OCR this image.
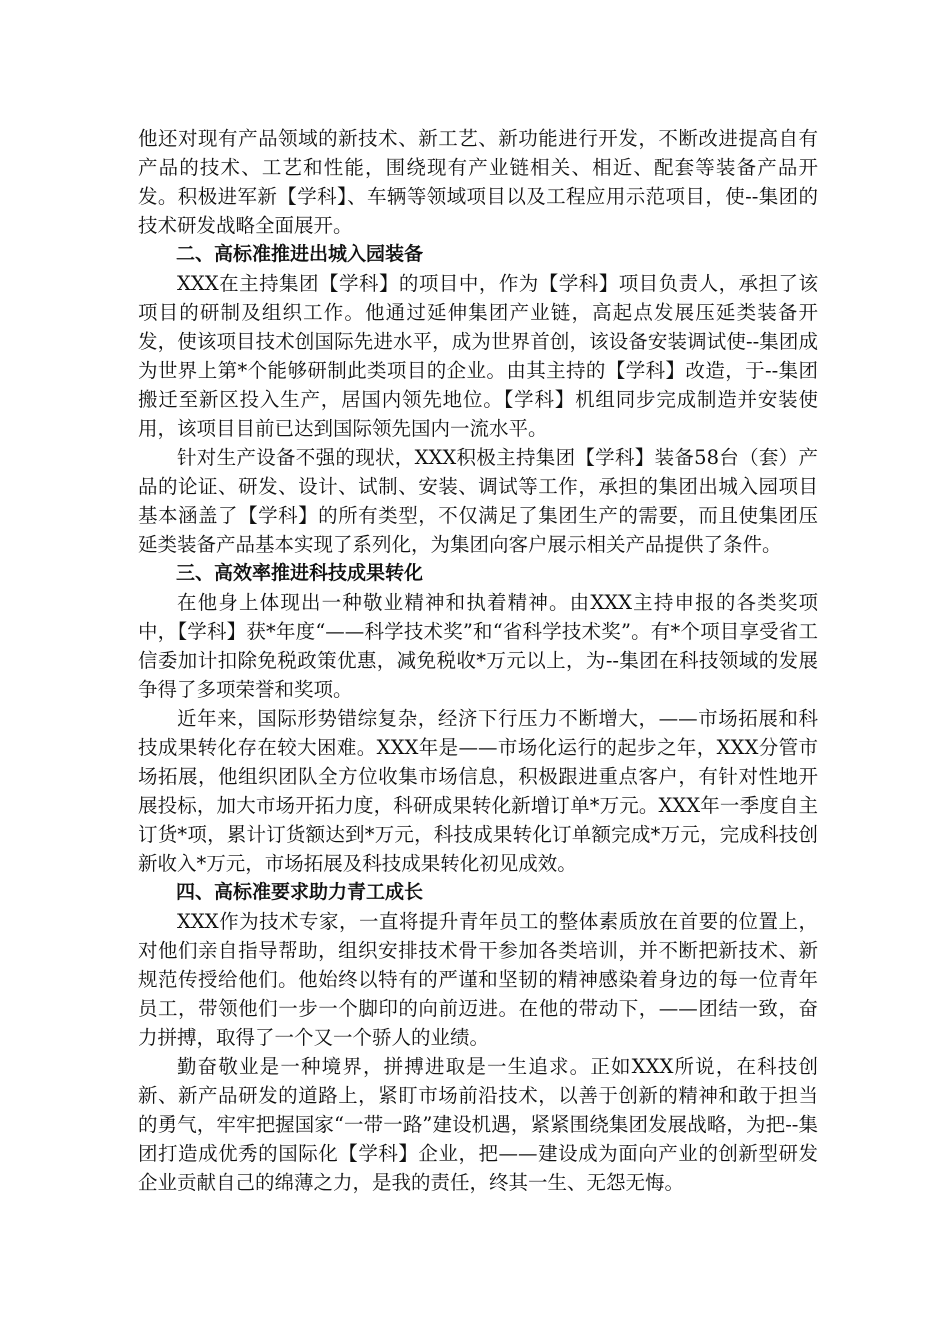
他还对现有产品领域的新技术、新工艺、新功能进行开发，不断改进提高自有产品的技术、工艺和性能，围绕现有产业链相关、相近、配套等装备产品开发。积极进军新【学科】、车辆等领域项目以及工程应用示范项目，使--集团的技术研发战略全面展开。

二、高标准推进出城入园装备

XXX在主持集团【学科】的项目中，作为【学科】项目负责人，承担了该项目的研制及组织工作。他通过延伸集团产业链，高起点发展压延类装备开发，使该项目技术创国际先进水平，成为世界首创，该设备安装调试使--集团成为世界上第*个能够研制此类项目的企业。由其主持的【学科】改造，于--集团搬迁至新区投入生产，居国内领先地位。【学科】机组同步完成制造并安装使用，该项目目前已达到国际领先国内一流水平。

针对生产设备不强的现状，XXX积极主持集团【学科】装备58台（套）产品的论证、研发、设计、试制、安装、调试等工作，承担的集团出城入园项目基本涵盖了【学科】的所有类型，不仅满足了集团生产的需要，而且使集团压延类装备产品基本实现了系列化，为集团向客户展示相关产品提供了条件。

三、高效率推进科技成果转化

在他身上体现出一种敬业精神和执着精神。由XXX主持申报的各类奖项中，【学科】获*年度“——科学技术奖”和“省科学技术奖”。有*个项目享受省工信委加计扣除免税政策优惠，减免税收*万元以上，为--集团在科技领域的发展争得了多项荣誉和奖项。

近年来，国际形势错综复杂，经济下行压力不断增大，——市场拓展和科技成果转化存在较大困难。XXX年是——市场化运行的起步之年，XXX分管市场拓展，他组织团队全方位收集市场信息，积极跟进重点客户，有针对性地开展投标，加大市场开拓力度，科研成果转化新增订单*万元。XXX年一季度自主订货*项，累计订货额达到*万元，科技成果转化订单额完成*万元，完成科技创新收入*万元，市场拓展及科技成果转化初见成效。

四、高标准要求助力青工成长

XXX作为技术专家，一直将提升青年员工的整体素质放在首要的位置上，对他们亲自指导帮助，组织安排技术骨干参加各类培训，并不断把新技术、新规范传授给他们。他始终以特有的严谨和坚韧的精神感染着身边的每一位青年员工，带领他们一步一个脚印的向前迈进。在他的带动下，——团结一致，奋力拼搏，取得了一个又一个骄人的业绩。

勤奋敬业是一种境界，拼搏进取是一生追求。正如XXX所说，在科技创新、新产品研发的道路上，紧盯市场前沿技术，以善于创新的精神和敢于担当的勇气，牢牢把握国家“一带一路”建设机遇，紧紧围绕集团发展战略，为把--集团打造成优秀的国际化【学科】企业，把——建设成为面向产业的创新型研发企业贡献自己的绵薄之力，是我的责任，终其一生、无怨无悔。
